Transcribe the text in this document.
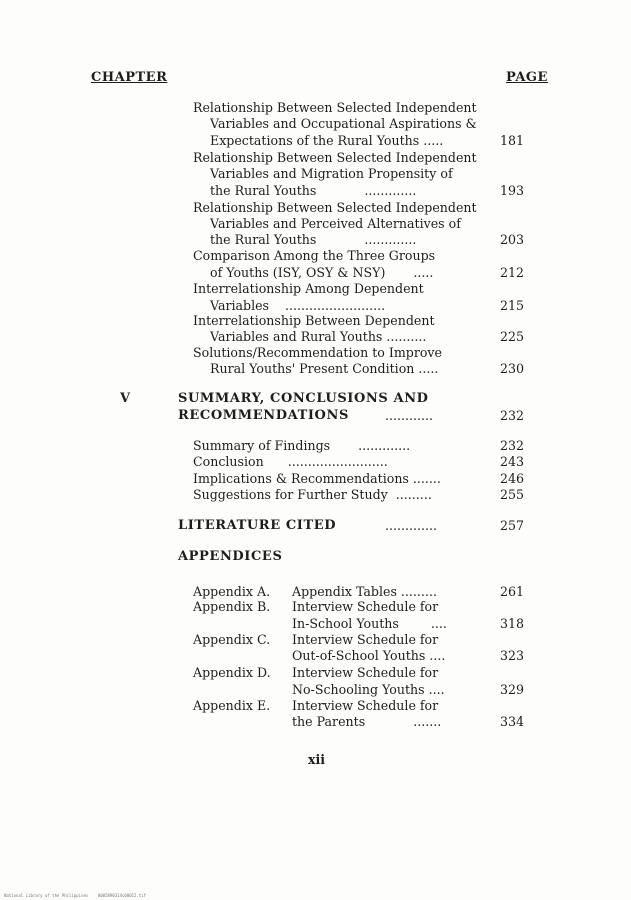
CHAPTER	PAGE
Relationship Between Selected Independent
Variables and Occupational Aspirations &
Expectations of the Rural Youths .....	181
Relationship Between Selected Independent
Variables and Migration Propensity of
the Rural Youths            .............	193
Relationship Between Selected Independent
Variables and Perceived Alternatives of
the Rural Youths            .............	203
Comparison Among the Three Groups
of Youths (ISY, OSY & NSY)       .....	212
Interrelationship Among Dependent
Variables    .........................	215
Interrelationship Between Dependent
Variables and Rural Youths ..........	225
Solutions/Recommendation to Improve
Rural Youths' Present Condition .....	230
V	SUMMARY, CONCLUSIONS AND
RECOMMENDATIONS	............	232
Summary of Findings       .............	232
Conclusion      .........................	243
Implications & Recommendations .......	246
Suggestions for Further Study  .........	255
LITERATURE CITED	.............	257
APPENDICES
Appendix A. Appendix Tables .........	261
Appendix B. Interview Schedule for
In-School Youths        ....	318
Appendix C. Interview Schedule for
Out-of-School Youths ....	323
Appendix D. Interview Schedule for
No-Schooling Youths ....	329
Appendix E. Interview Schedule for
the Parents            .......	334
xii
National Library of the Philippines    0005890314c00012.tif
